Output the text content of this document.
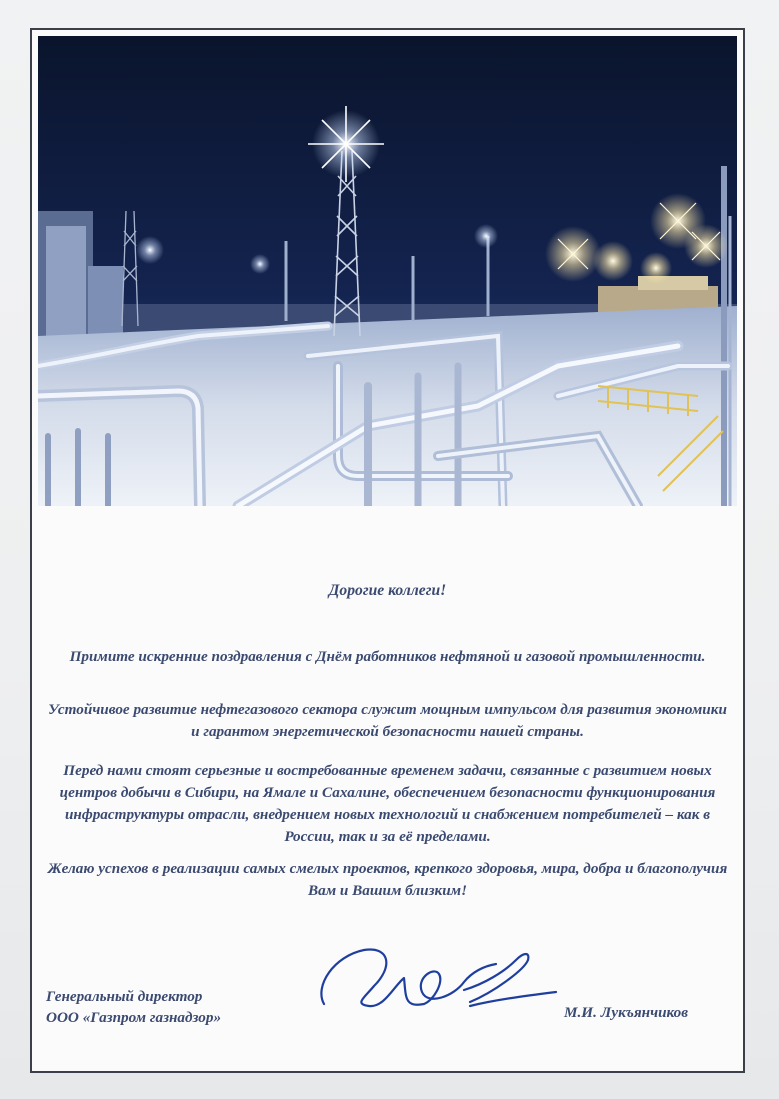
Дорогие коллеги!
Примите искренние поздравления с Днём работников нефтяной и газовой промышленности.
Устойчивое развитие нефтегазового сектора служит мощным импульсом для развития экономики и гарантом энергетической безопасности нашей страны.
Перед нами стоят серьезные и востребованные временем задачи, связанные с развитием новых центров добычи в Сибири, на Ямале и Сахалине, обеспечением безопасности функционирования инфраструктуры отрасли, внедрением новых технологий и снабжением потребителей – как в России, так и за её пределами.
Желаю успехов в реализации самых смелых проектов, крепкого здоровья, мира, добра и благополучия Вам и Вашим близким!
Генеральный директор
ООО «Газпром газнадзор»	М.И. Лукъянчиков
